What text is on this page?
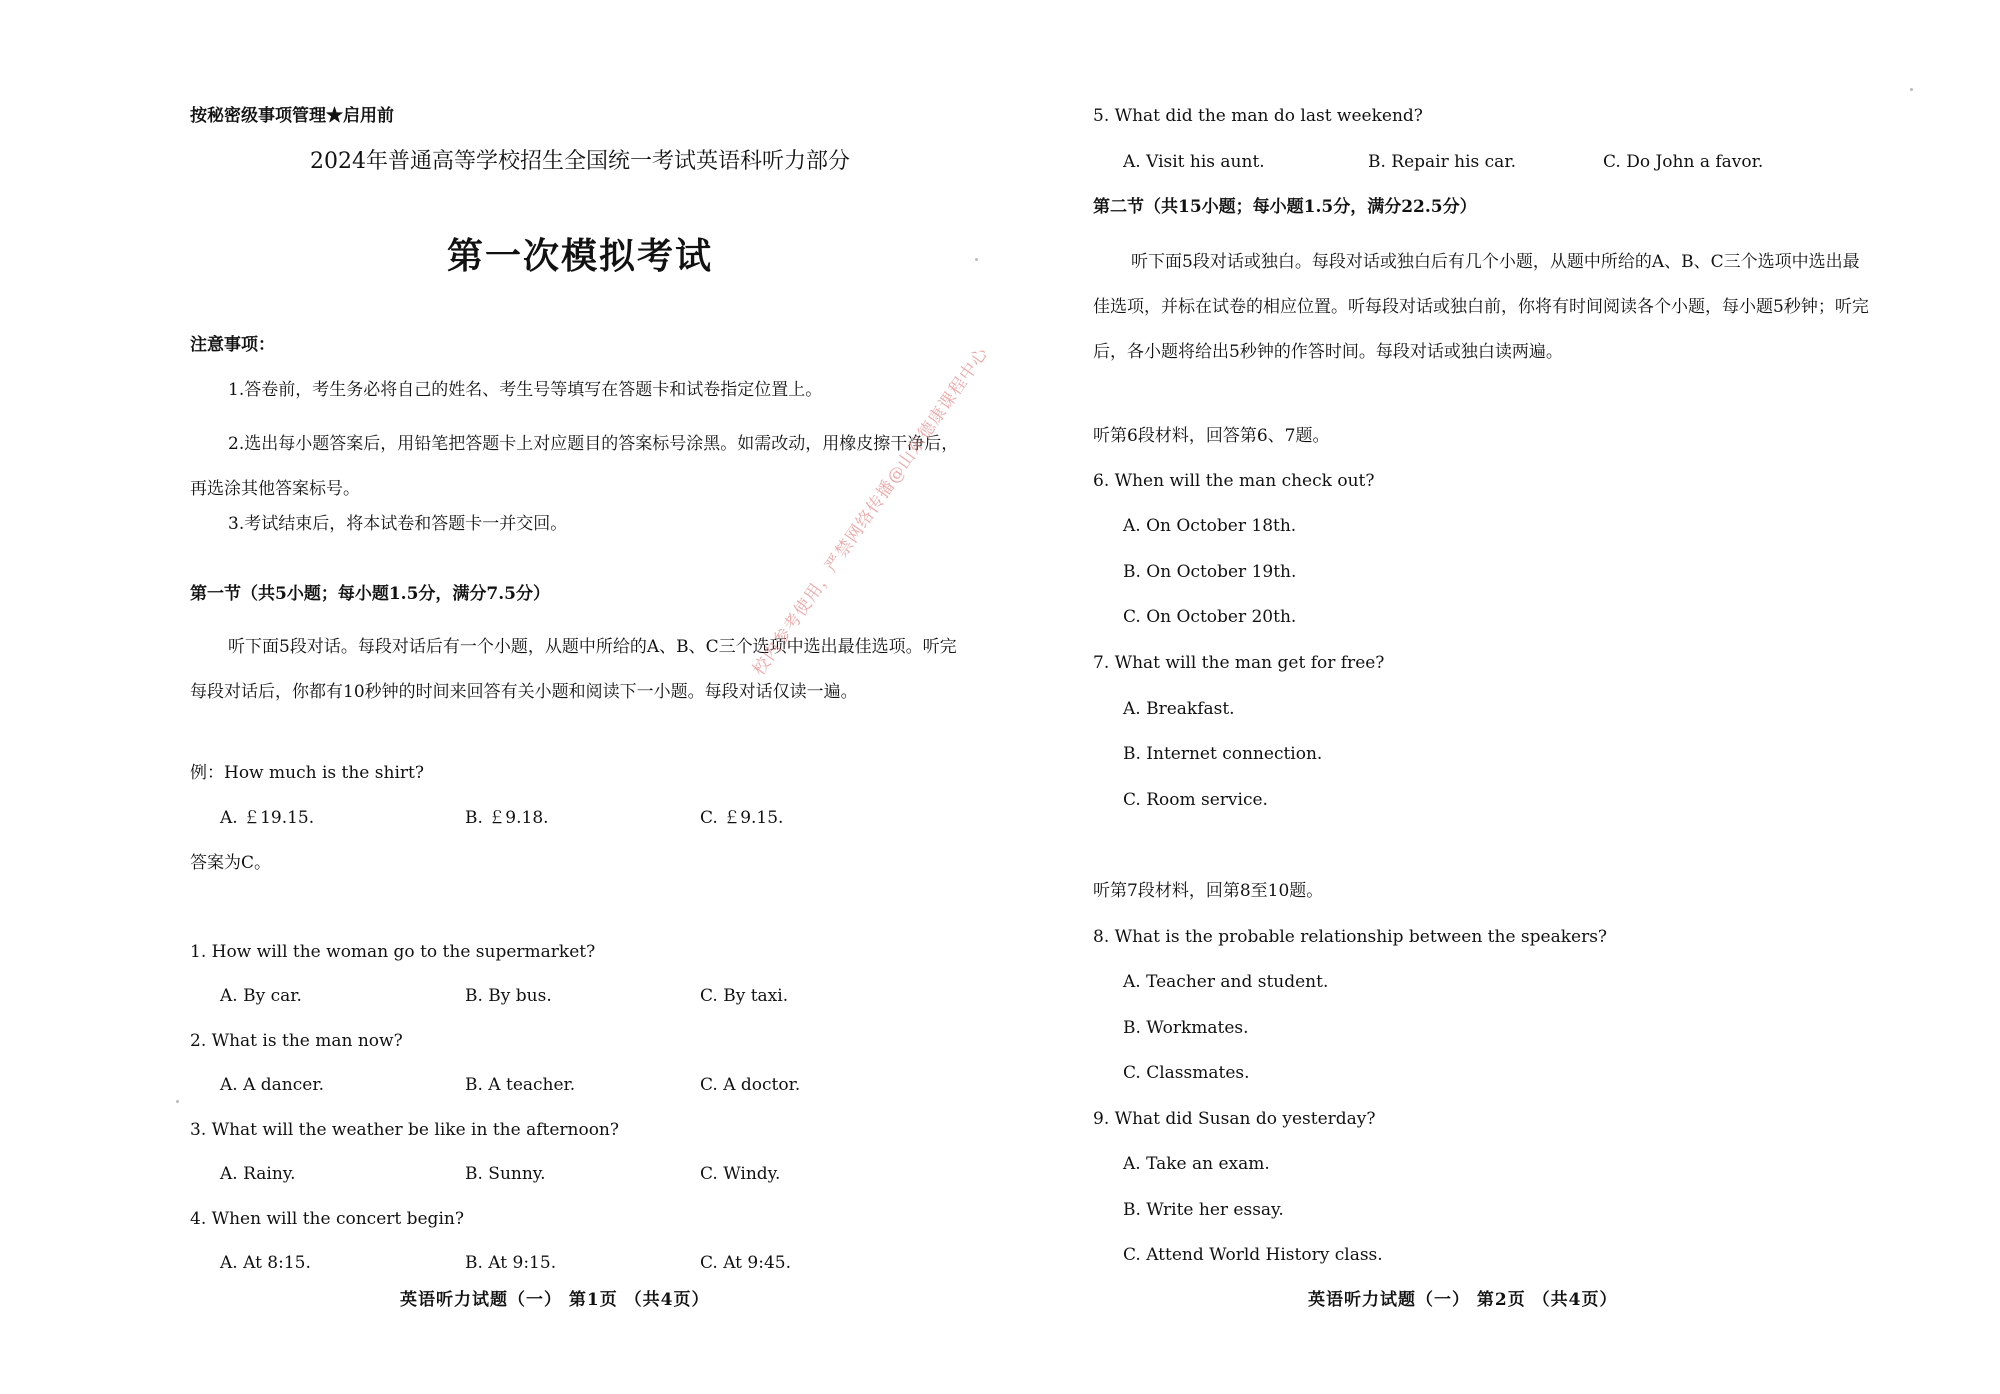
按秘密级事项管理★启用前
2024年普通高等学校招生全国统一考试英语科听力部分
第一次模拟考试
注意事项：
1.答卷前，考生务必将自己的姓名、考生号等填写在答题卡和试卷指定位置上。
2.选出每小题答案后，用铅笔把答题卡上对应题目的答案标号涂黑。如需改动，用橡皮擦干净后，再选涂其他答案标号。
3.考试结束后，将本试卷和答题卡一并交回。
第一节（共5小题；每小题1.5分，满分7.5分）
听下面5段对话。每段对话后有一个小题，从题中所给的A、B、C三个选项中选出最佳选项。听完每段对话后，你都有10秒钟的时间来回答有关小题和阅读下一小题。每段对话仅读一遍。
例：How much is the shirt?
A. ￡19.15.	B. ￡9.18.	C. ￡9.15.
答案为C。
1. How will the woman go to the supermarket?
A. By car.	B. By bus.	C. By taxi.
2. What is the man now?
A. A dancer.	B. A teacher.	C. A doctor.
3. What will the weather be like in the afternoon?
A. Rainy.	B. Sunny.	C. Windy.
4. When will the concert begin?
A. At 8:15.	B. At 9:15.	C. At 9:45.
英语听力试题（一） 第1页 （共4页）
5. What did the man do last weekend?
A. Visit his aunt.	B. Repair his car.	C. Do John a favor.
第二节（共15小题；每小题1.5分，满分22.5分）
听下面5段对话或独白。每段对话或独白后有几个小题，从题中所给的A、B、C三个选项中选出最佳选项，并标在试卷的相应位置。听每段对话或独白前，你将有时间阅读各个小题，每小题5秒钟；听完后，各小题将给出5秒钟的作答时间。每段对话或独白读两遍。
听第6段材料，回答第6、7题。
6. When will the man check out?
A. On October 18th.
B. On October 19th.
C. On October 20th.
7. What will the man get for free?
A. Breakfast.
B. Internet connection.
C. Room service.
听第7段材料，回第8至10题。
8. What is the probable relationship between the speakers?
A. Teacher and student.
B. Workmates.
C. Classmates.
9. What did Susan do yesterday?
A. Take an exam.
B. Write her essay.
C. Attend World History class.
英语听力试题（一） 第2页 （共4页）
校内参考使用，严禁网络传播@山东德康课程中心
